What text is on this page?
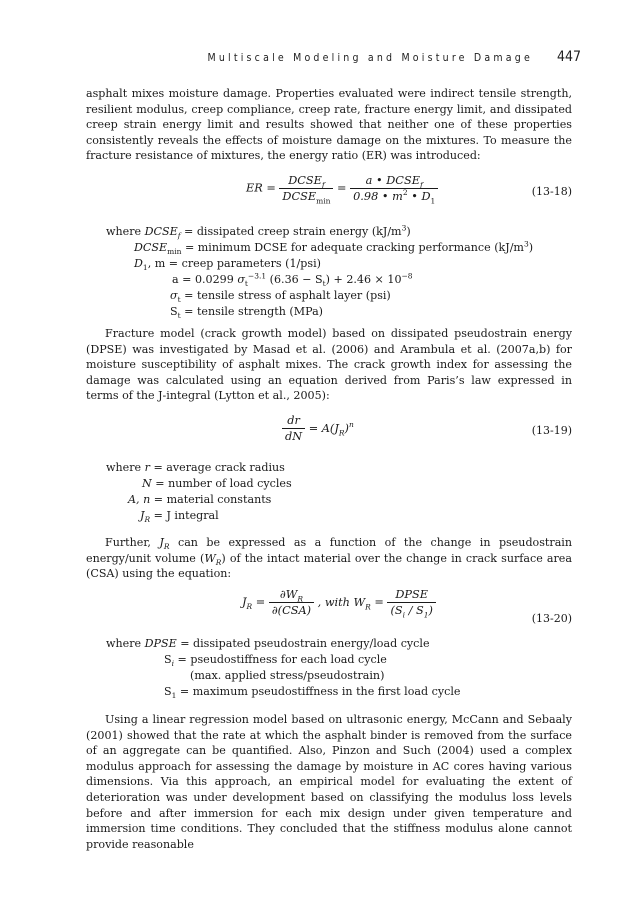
Multiscale Modeling and Moisture Damage 447

asphalt mixes moisture damage. Properties evaluated were indirect tensile strength, resilient modulus, creep compliance, creep rate, fracture energy limit, and dissipated creep strain energy limit and results showed that neither one of these properties consistently reveals the effects of moisture damage on the mixtures. To measure the fracture resistance of mixtures, the energy ratio (ER) was introduced:

ER = $\frac{DCSE_f}{DCSE_{min}} = \frac{a • DCSE_f}{0.98 • m^2 • D_1}$	(13-18)
where $DCSE_f$ = dissipated creep strain energy $(kJ/m^3)$
$DCSE_{min}$ = minimum DCSE for adequate cracking performance $(kJ/m^3)$
$D_1$, m = creep parameters (1/psi)
a = 0.0299 $\sigma_t^{-3.1}$ $(6.36 - S_t) + 2.46 \times 10^{-8}$
$\sigma_t$ = tensile stress of asphalt layer (psi)
$S_t$ = tensile strength (MPa)

Fracture model (crack growth model) based on dissipated pseudostrain energy (DPSE) was investigated by Masad et al. (2006) and Arambula et al. (2007a,b) for moisture susceptibility of asphalt mixes. The crack growth index for assessing the damage was calculated using an equation derived from Paris’s law expressed in terms of the J-integral (Lytton et al., 2005):

$\frac{dr}{dN} = A(J_R)^n$	(13-19)
where r = average crack radius
N = number of load cycles
A, n = material constants
$J_R = J$ integral

Further, $J_R$ can be expressed as a function of the change in pseudostrain energy/unit volume $(W_R)$ of the intact material over the change in crack surface area (CSA) using the equation:

$J_R = \frac{\partial W_R}{\text{∂(CSA)}}$ , with $W_R = \frac{\text{DPSE}}{(S_i / S_1)}$
(13-20)
where DPSE = dissipated pseudostrain energy/load cycle
$S_i$ = pseudostiffness for each load cycle
(max. applied stress/pseudostrain)
$S_1$ = maximum pseudostiffness in the first load cycle

Using a linear regression model based on ultrasonic energy, McCann and Sebaaly (2001) showed that the rate at which the asphalt binder is removed from the surface of an aggregate can be quantified. Also, Pinzon and Such (2004) used a complex modulus approach for assessing the damage by moisture in AC cores having various dimensions. Via this approach, an empirical model for evaluating the extent of deterioration was under development based on classifying the modulus loss levels before and after immersion for each mix design under given temperature and immersion time conditions. They concluded that the stiffness modulus alone cannot provide reasonable
